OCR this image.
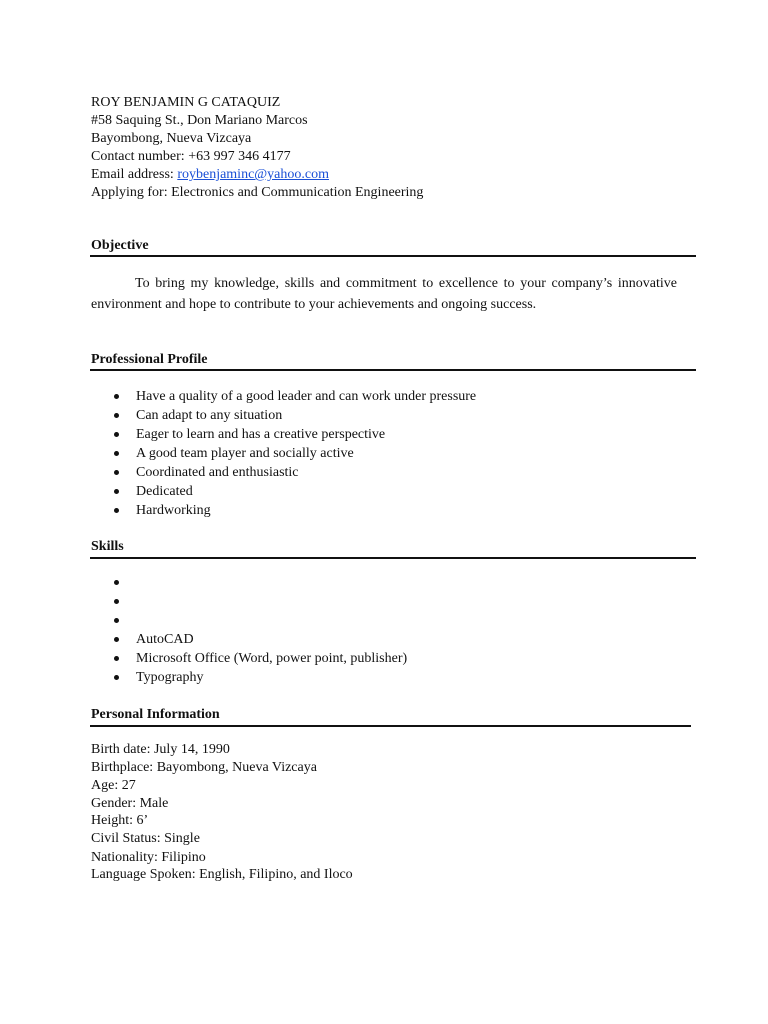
ROY BENJAMIN G CATAQUIZ
#58 Saquing St., Don Mariano Marcos
Bayombong, Nueva Vizcaya
Contact number: +63 997 346 4177
Email address: roybenjaminc@yahoo.com
Applying for: Electronics and Communication Engineering
Objective
To bring my knowledge, skills and commitment to excellence to your company’s innovative environment and hope to contribute to your achievements and ongoing success.
Professional Profile
Have a quality of a good leader and can work under pressure
Can adapt to any situation
Eager to learn and has a creative perspective
A good team player and socially active
Coordinated and enthusiastic
Dedicated
Hardworking
Skills
AutoCAD
Microsoft Office (Word, power point, publisher)
Typography
Personal Information
Birth date: July 14, 1990
Birthplace: Bayombong, Nueva Vizcaya
Age: 27
Gender: Male
Height: 6’
Civil Status: Single
Nationality: Filipino
Language Spoken: English, Filipino, and Iloco
